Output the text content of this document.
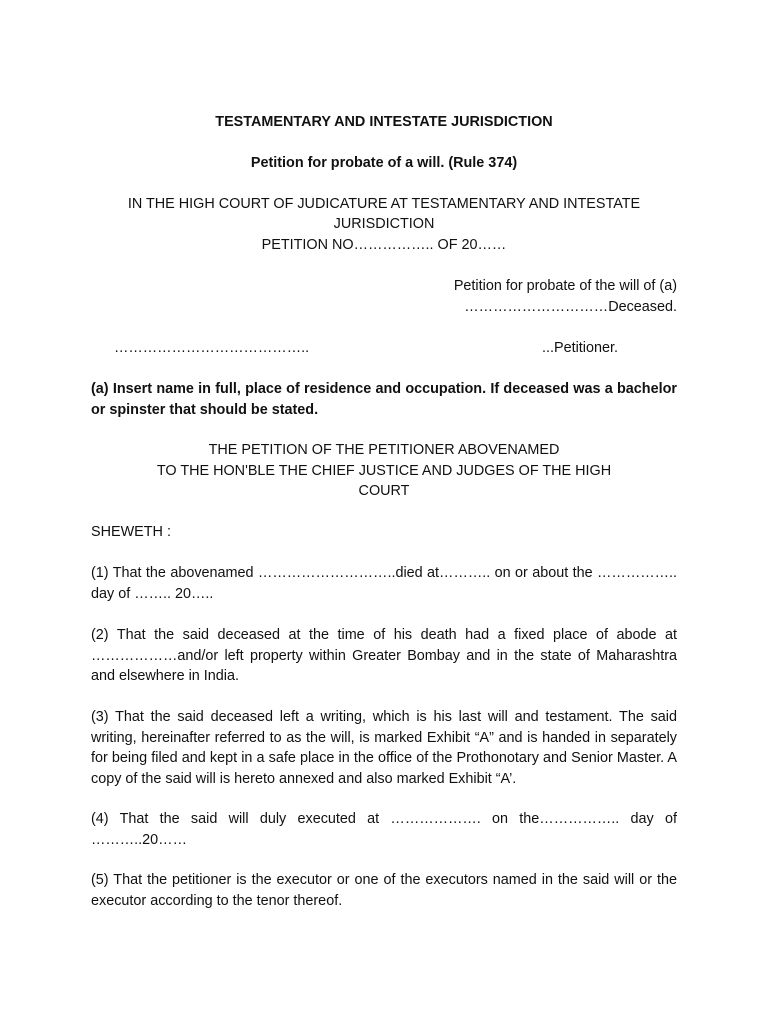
TESTAMENTARY AND INTESTATE JURISDICTION
Petition for probate of a will. (Rule 374)
IN THE HIGH COURT OF JUDICATURE AT TESTAMENTARY AND INTESTATE
JURISDICTION
PETITION NO…………….. OF 20……
Petition for probate of the will of (a)
…………………………Deceased.
…………………………………..	...Petitioner.
(a) Insert name in full, place of residence and occupation. If deceased was a bachelor or spinster that should be stated.
THE PETITION OF THE PETITIONER ABOVENAMED
TO THE HON'BLE THE CHIEF JUSTICE AND JUDGES OF THE HIGH
COURT
SHEWETH :
(1) That the abovenamed ………………………..died at……….. on or about the …………….. day of …….. 20…..
(2) That the said deceased at the time of his death had a fixed place of abode at ………………and/or left property within Greater Bombay and in the state of Maharashtra and elsewhere in India.
(3) That the said deceased left a writing, which is his last will and testament. The said writing, hereinafter referred to as the will, is marked Exhibit “A” and is handed in separately for being filed and kept in a safe place in the office of the Prothonotary and Senior Master. A copy of the said will is hereto annexed and also marked Exhibit “A’.
(4) That the said will duly executed at ………………. on the…………….. day of ………..20……
(5) That the petitioner is the executor or one of the executors named in the said will or the executor according to the tenor thereof.
